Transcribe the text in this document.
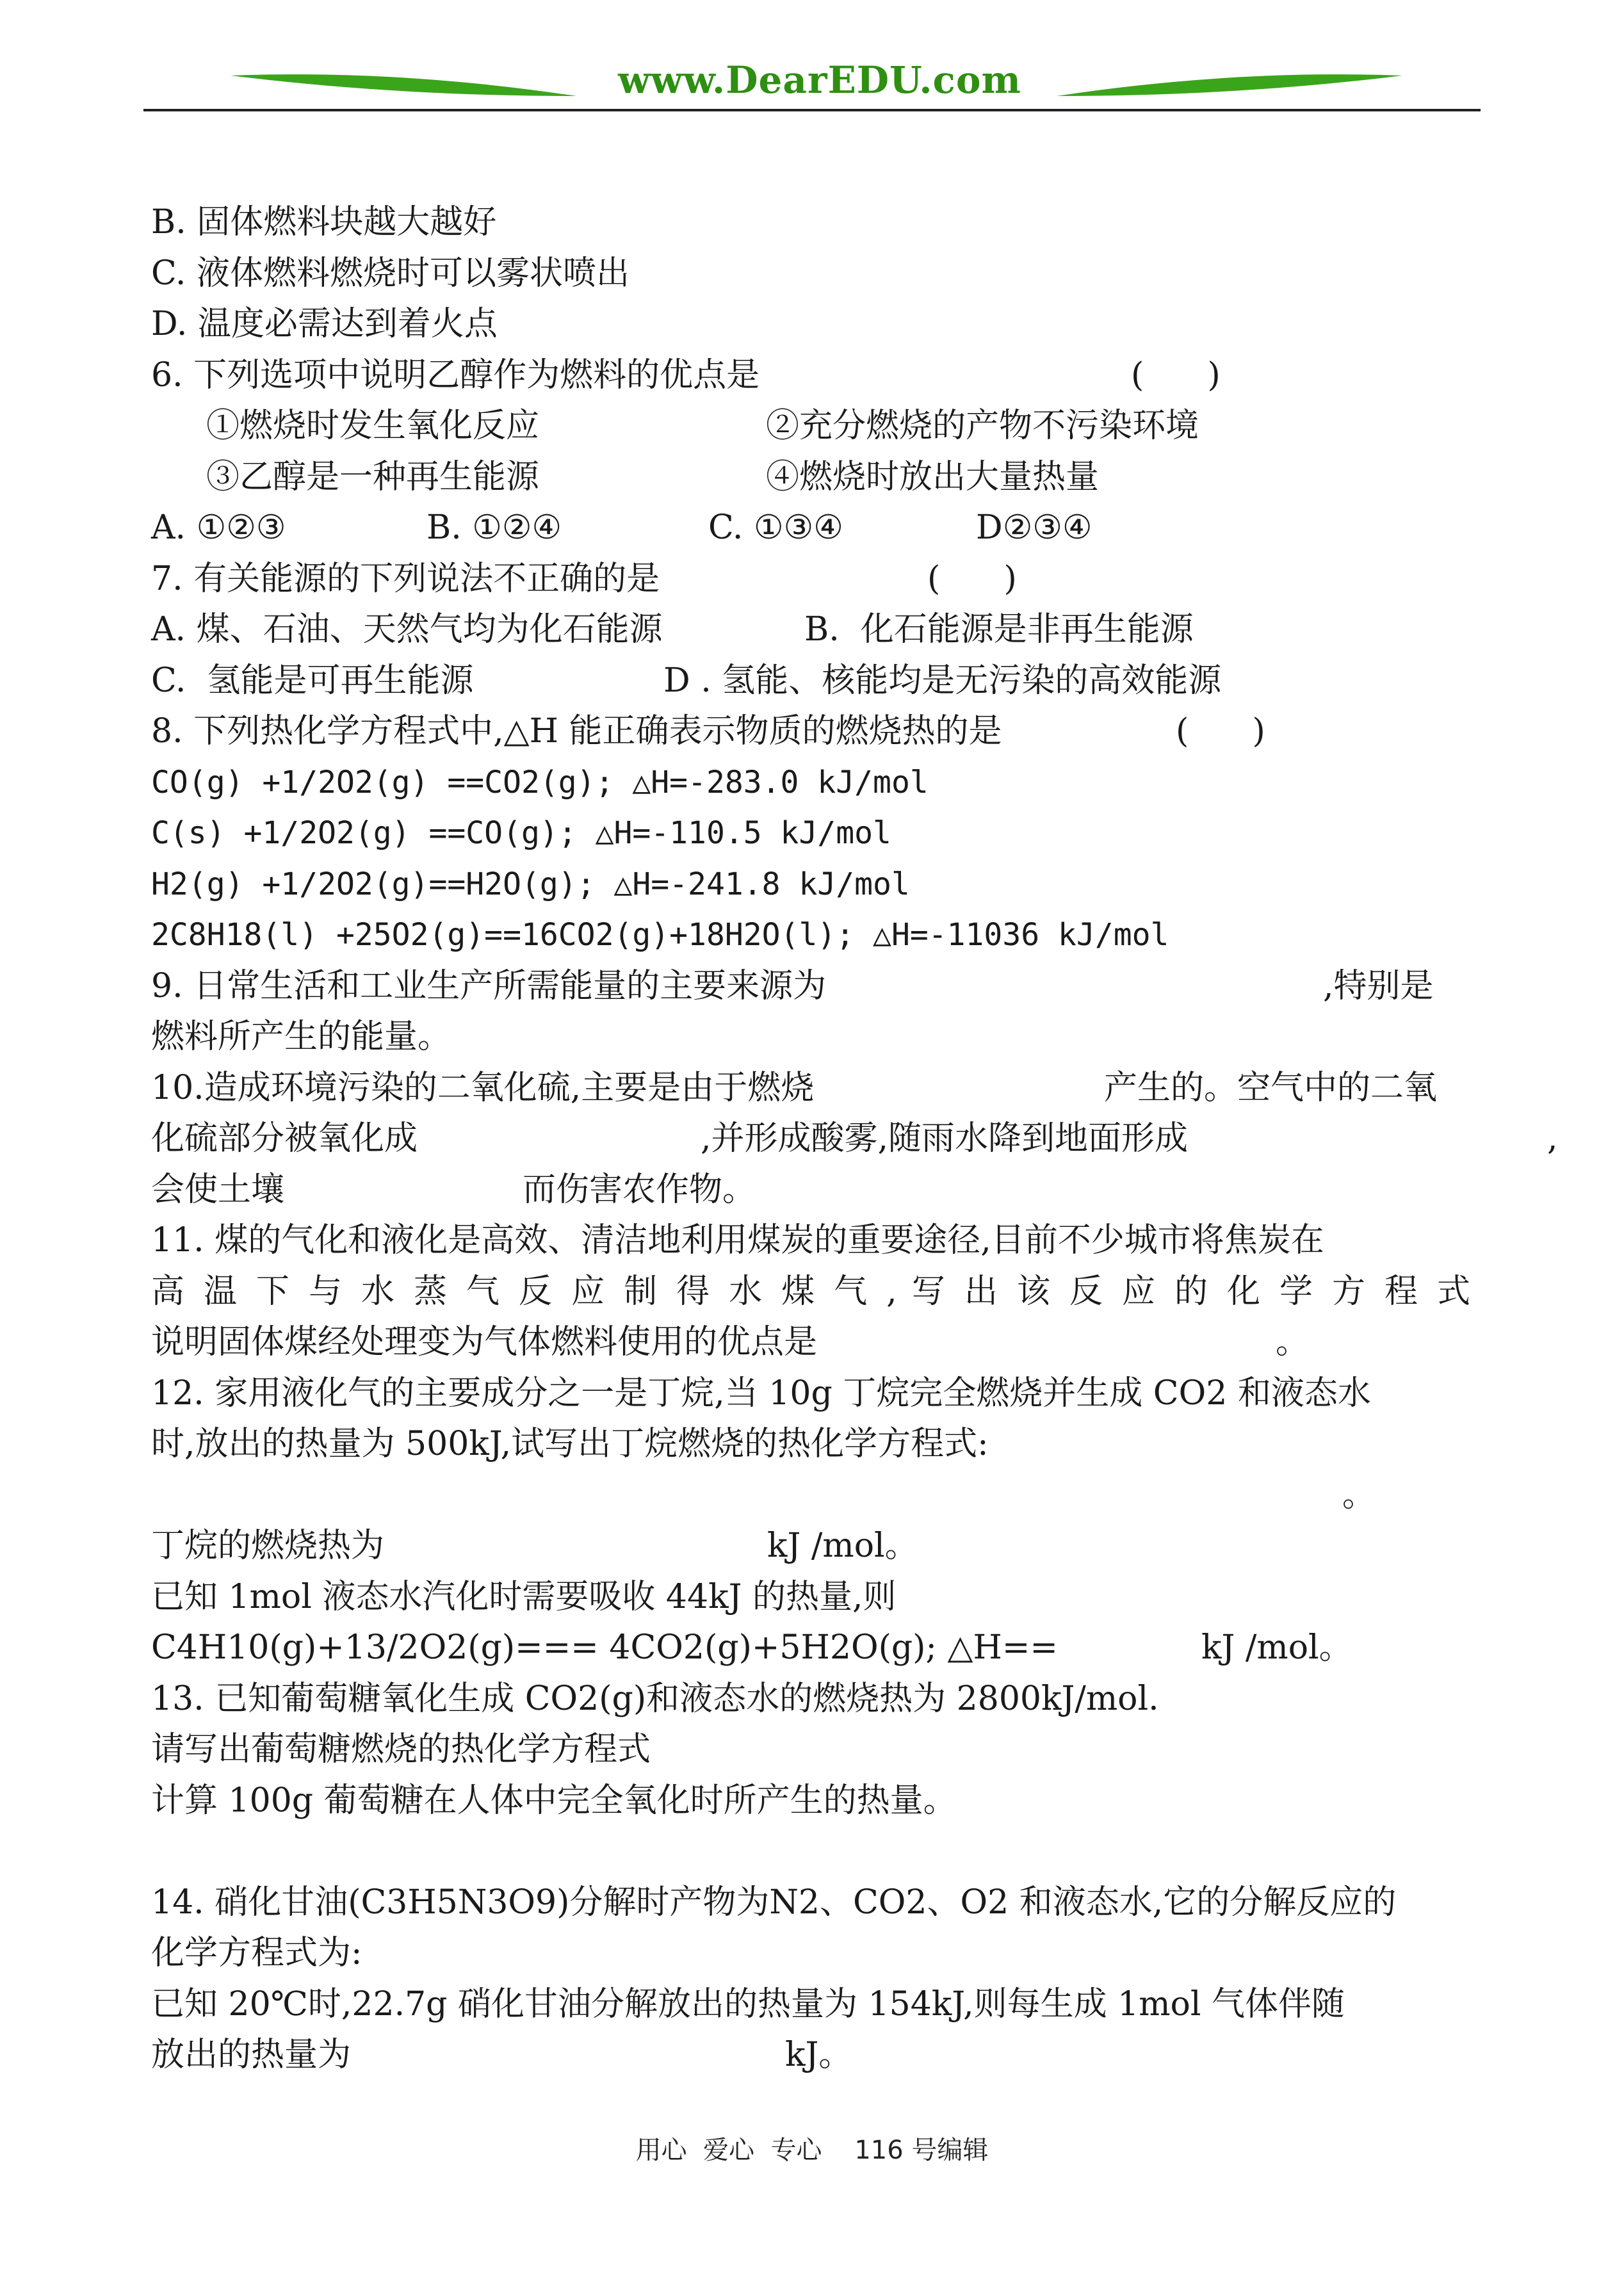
www.DearEDU.com
B. 固体燃料块越大越好
C. 液体燃料燃烧时可以雾状喷出
D. 温度必需达到着火点

6. 下列选项中说明乙醇作为燃料的优点是

	(      )

①燃烧时发生氧化反应

	②充分燃烧的产物不污染环境

③乙醇是一种再生能源

	④燃烧时放出大量热量

A. ①②③

	B. ①②④

	C. ①③④

	D②③④

7. 有关能源的下列说法不正确的是

	(      )

A. 煤、石油、天然气均为化石能源

	B.  化石能源是非再生能源

C.  氢能是可再生能源

	D . 氢能、核能均是无污染的高效能源

8. 下列热化学方程式中,△H 能正确表示物质的燃烧热的是

	(      )

CO(g) +1/2O2(g) ==CO2(g); △H=-283.0 kJ/mol
C(s) +1/2O2(g) ==CO(g); △H=-110.5 kJ/mol
H2(g) +1/2O2(g)==H2O(g); △H=-241.8 kJ/mol
2C8H18(l) +25O2(g)==16CO2(g)+18H2O(l); △H=-11036 kJ/mol

9. 日常生活和工业生产所需能量的主要来源为

	,特别是

燃料所产生的能量。

10.造成环境污染的二氧化硫,主要是由于燃烧

	产生的。空气中的二氧

化硫部分被氧化成

	,并形成酸雾,随雨水降到地面形成

	,

会使土壤

	而伤害农作物。

11. 煤的气化和液化是高效、清洁地利用煤炭的重要途径,目前不少城市将焦炭在
高 温 下 与 水 蒸 气 反 应 制 得 水 煤 气 , 写 出 该 反 应 的 化 学 方 程 式

说明固体煤经处理变为气体燃料使用的优点是

	。

12. 家用液化气的主要成分之一是丁烷,当 10g 丁烷完全燃烧并生成 CO2 和液态水
时,放出的热量为 500kJ,试写出丁烷燃烧的热化学方程式:
。

丁烷的燃烧热为

	kJ /mol。

已知 1mol 液态水汽化时需要吸收 44kJ 的热量,则

C4H10(g)+13/2O2(g)=== 4CO2(g)+5H2O(g); △H==

	kJ /mol。

13. 已知葡萄糖氧化生成 CO2(g)和液态水的燃烧热为 2800kJ/mol.
请写出葡萄糖燃烧的热化学方程式
计算 100g 葡萄糖在人体中完全氧化时所产生的热量。
14. 硝化甘油(C3H5N3O9)分解时产物为N2、CO2、O2 和液态水,它的分解反应的
化学方程式为:
已知 20℃时,22.7g 硝化甘油分解放出的热量为 154kJ,则每生成 1mol 气体伴随

放出的热量为

	kJ。

用心  爱心  专心    116 号编辑
